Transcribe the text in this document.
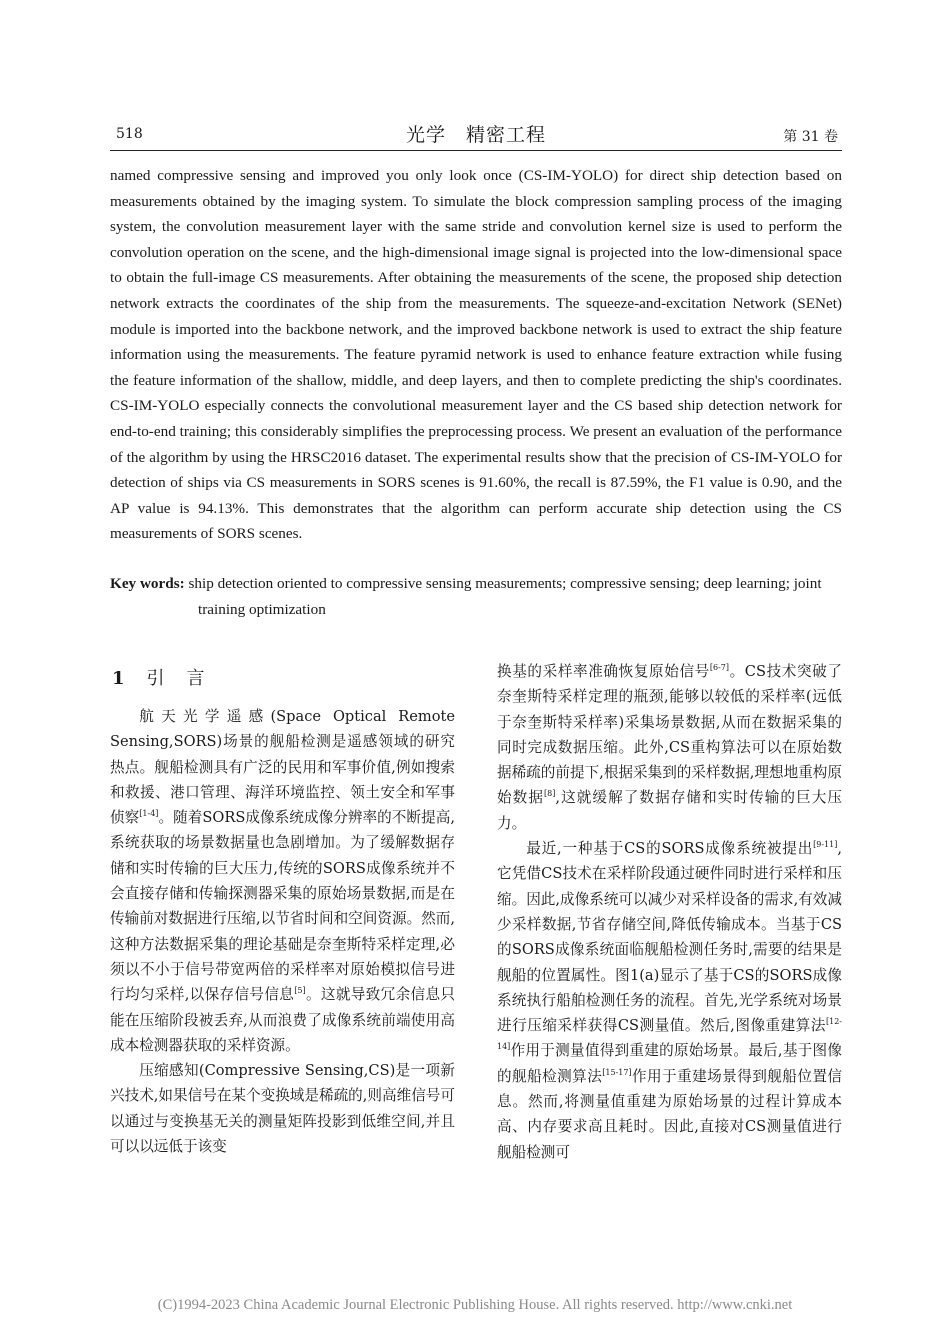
518	光学　精密工程	第 31 卷
named compressive sensing and improved you only look once (CS-IM-YOLO) for direct ship detection based on measurements obtained by the imaging system. To simulate the block compression sampling process of the imaging system, the convolution measurement layer with the same stride and convolution kernel size is used to perform the convolution operation on the scene, and the high-dimensional image signal is projected into the low-dimensional space to obtain the full-image CS measurements. After obtaining the measurements of the scene, the proposed ship detection network extracts the coordinates of the ship from the measurements. The squeeze-and-excitation Network (SENet) module is imported into the backbone network, and the improved backbone network is used to extract the ship feature information using the measurements. The feature pyramid network is used to enhance feature extraction while fusing the feature information of the shallow, middle, and deep layers, and then to complete predicting the ship's coordinates. CS-IM-YOLO especially connects the convolutional measurement layer and the CS based ship detection network for end-to-end training; this considerably simplifies the preprocessing process. We present an evaluation of the performance of the algorithm by using the HRSC2016 dataset. The experimental results show that the precision of CS-IM-YOLO for detection of ships via CS measurements in SORS scenes is 91.60%, the recall is 87.59%, the F1 value is 0.90, and the AP value is 94.13%. This demonstrates that the algorithm can perform accurate ship detection using the CS measurements of SORS scenes.
Key words: ship detection oriented to compressive sensing measurements; compressive sensing; deep learning; joint training optimization
1 引言

航天光学遥感(Space Optical Remote Sensing,SORS)场景的舰船检测是遥感领域的研究热点。舰船检测具有广泛的民用和军事价值,例如搜索和救援、港口管理、海洋环境监控、领土安全和军事侦察[1-4]。随着SORS成像系统成像分辨率的不断提高,系统获取的场景数据量也急剧增加。为了缓解数据存储和实时传输的巨大压力,传统的SORS成像系统并不会直接存储和传输探测器采集的原始场景数据,而是在传输前对数据进行压缩,以节省时间和空间资源。然而,这种方法数据采集的理论基础是奈奎斯特采样定理,必须以不小于信号带宽两倍的采样率对原始模拟信号进行均匀采样,以保存信号信息[5]。这就导致冗余信息只能在压缩阶段被丢弃,从而浪费了成像系统前端使用高成本检测器获取的采样资源。

压缩感知(Compressive Sensing,CS)是一项新兴技术,如果信号在某个变换域是稀疏的,则高维信号可以通过与变换基无关的测量矩阵投影到低维空间,并且可以以远低于该变

换基的采样率准确恢复原始信号[6-7]。CS技术突破了奈奎斯特采样定理的瓶颈,能够以较低的采样率(远低于奈奎斯特采样率)采集场景数据,从而在数据采集的同时完成数据压缩。此外,CS重构算法可以在原始数据稀疏的前提下,根据采集到的采样数据,理想地重构原始数据[8],这就缓解了数据存储和实时传输的巨大压力。

最近,一种基于CS的SORS成像系统被提出[9-11],它凭借CS技术在采样阶段通过硬件同时进行采样和压缩。因此,成像系统可以减少对采样设备的需求,有效减少采样数据,节省存储空间,降低传输成本。当基于CS的SORS成像系统面临舰船检测任务时,需要的结果是舰船的位置属性。图1(a)显示了基于CS的SORS成像系统执行船舶检测任务的流程。首先,光学系统对场景进行压缩采样获得CS测量值。然后,图像重建算法[12-14]作用于测量值得到重建的原始场景。最后,基于图像的舰船检测算法[15-17]作用于重建场景得到舰船位置信息。然而,将测量值重建为原始场景的过程计算成本高、内存要求高且耗时。因此,直接对CS测量值进行舰船检测可

(C)1994-2023 China Academic Journal Electronic Publishing House. All rights reserved. http://www.cnki.net
